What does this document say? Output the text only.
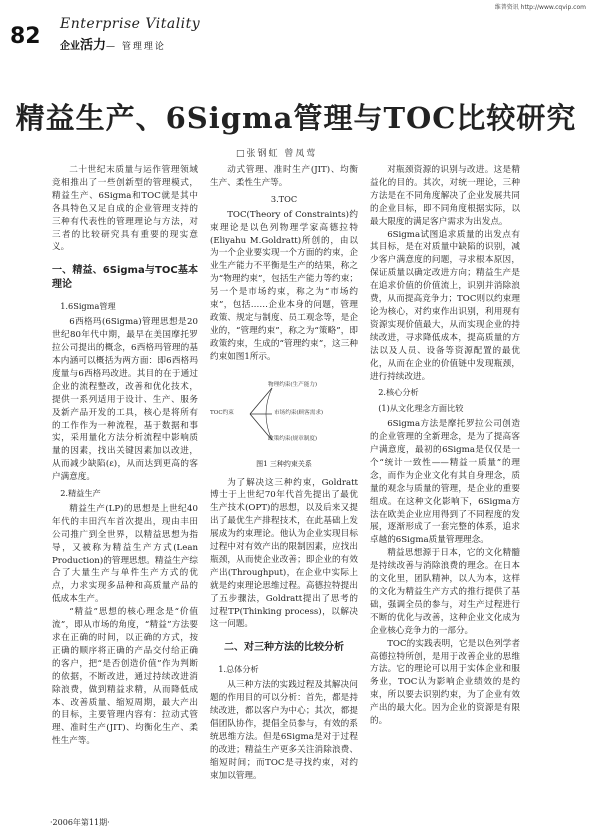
维普资讯 http://www.cqvip.com
82 Enterprise Vitality
企业活力— 管理理论
精益生产、6Sigma管理与TOC比较研究
□张钢虹 曾凤莺

二十世纪末质量与运作管理领域竞相推出了一些创新型的管理模式，精益生产、6Sigma和TOC就是其中各具特色又足自成的企业管理支持的三种有代表性的管理理论与方法，对三者的比较研究具有重要的现实意义。

一、精益、6Sigma与TOC基本理论
1.6Sigma管理

6西格玛(6Sigma)管理思想是20世纪80年代中期，最早在美国摩托罗拉公司提出的概念，6西格玛管理的基本内涵可以概括为两方面：即6西格玛度量与6西格玛改进。其目的在于通过企业的流程整改，改善和优化技术，提供一系列适用于设计、生产、服务及新产品开发的工具，核心是将所有的工作作为一种流程，基于数据和事实，采用量化方法分析流程中影响质量的因素，找出关键因素加以改进，从而减少缺陷(ε)，从而达到更高的客户满意度。

2.精益生产

精益生产(LP)的思想是上世纪40年代的丰田汽车首次提出，现由丰田公司推广到全世界，以精益思想为指导，又被称为精益生产方式(Lean Production)的管理思想。精益生产综合了大量生产与单件生产方式的优点，力求实现多品种和高质量产品的低成本生产。

“精益”思想的核心理念是“价值流”，即从市场的角度，“精益”方法要求在正确的时间，以正确的方式，按正确的顺序将正确的产品交付给正确的客户，把“是否创造价值”作为判断的依据，不断改进，通过持续改进消除浪费，做到精益求精，从而降低成本、改善质量、缩短周期，最大产出的目标，主要管理内容有：拉动式管理、准时生产(JIT)、均衡化生产、柔性生产等。

动式管理、准时生产(JIT)、均衡生产、柔性生产等。

3.TOC

TOC(Theory of Constraints)约束理论是以色列物理学家高德拉特(Eliyahu M.Goldratt)所创的，由以为一个企业要实现一个方面的约束，企业生产能力不平衡是生产的结果，称之为“物理约束”，包括生产能力等约束；另一个是市场约束，称之为“市场约束”，包括……企业本身的问题，管理政策、规定与制度、员工观念等，是企业的，“管理约束”，称之为“策略”，即政策约束，生成的“管理约束”，这三种约束如图1所示。

物理约束(生产能力)
TOC约束	市场约束(顾客需求)
政策约束(规章制度)

图1 三种约束关系

为了解决这三种约束，Goldratt博士于上世纪70年代首先提出了最优生产技术(OPT)的思想，以及后来又提出了最优生产排程技术，在此基础上发展成为约束理论。他认为企业实现目标过程中对有效产出的限制因素，应找出瓶颈，从而使企业改善；即企业的有效产出(Throughput)，在企业中实际上就是约束理论思维过程。高德拉特提出了五步骤法，Goldratt提出了思考的过程TP(Thinking process)，以解决这一问题。

二、对三种方法的比较分析
1.总体分析

从三种方法的实践过程及其解决问题的作用目的可以分析：首先，都是持续改进，都以客户为中心；其次，都提倡团队协作，提倡全员参与，有效的系统思维方法。但是6Sigma是对于过程的改进；精益生产更多关注消除浪费、缩短时间；而TOC是寻找约束，对约束加以管理。

对瓶颈资源的识别与改进。这是精益化的目的。其次，对统一理论，三种方法是在不同角度解决了企业发展共同的企业目标，即不同角度根据实际，以最大限度的满足客户需求为出发点。

6Sigma试图追求质量的出发点有其目标，是在对质量中缺陷的识别，减少客户满意度的问题，寻求根本原因，保证质量以确定改进方向；精益生产是在追求价值的价值流上，识别并消除浪费，从而提高竞争力；TOC则以约束理论为核心，对约束作出识别，利用现有资源实现价值最大，从而实现企业的持续改进，寻求降低成本，提高质量的方法以及人员、设备等资源配置的最优化，从而在企业的价值链中发现瓶颈，进行持续改进。

2.核心分析
(1)从文化理念方面比较

6Sigma方法是摩托罗拉公司创造的企业管理的全新理念，是为了提高客户满意度，最初的6Sigma是仅仅是一个“统计一致性——精益一质量”的理念，而作为企业文化有其自身理念，质量的观念与质量的管理，是企业的重要组成。在这种文化影响下，6Sigma方法在欧美企业应用得到了不同程度的发展，逐渐形成了一套完整的体系，追求卓越的6Sigma质量管理理念。

精益思想源于日本，它的文化精髓是持续改善与消除浪费的理念。在日本的文化里，团队精神，以人为本，这样的文化为精益生产方式的推行提供了基础，强调全员的参与，对生产过程进行不断的优化与改善，这种企业文化成为企业核心竞争力的一部分。

TOC的实践表明，它是以色列学者高德拉特所创，是用于改善企业的思维方法。它的理论可以用于实体企业和服务业，TOC认为影响企业绩效的是约束，所以要去识别约束，为了企业有效产出的最大化。因为企业的资源是有限的。

·2006年第11期·
